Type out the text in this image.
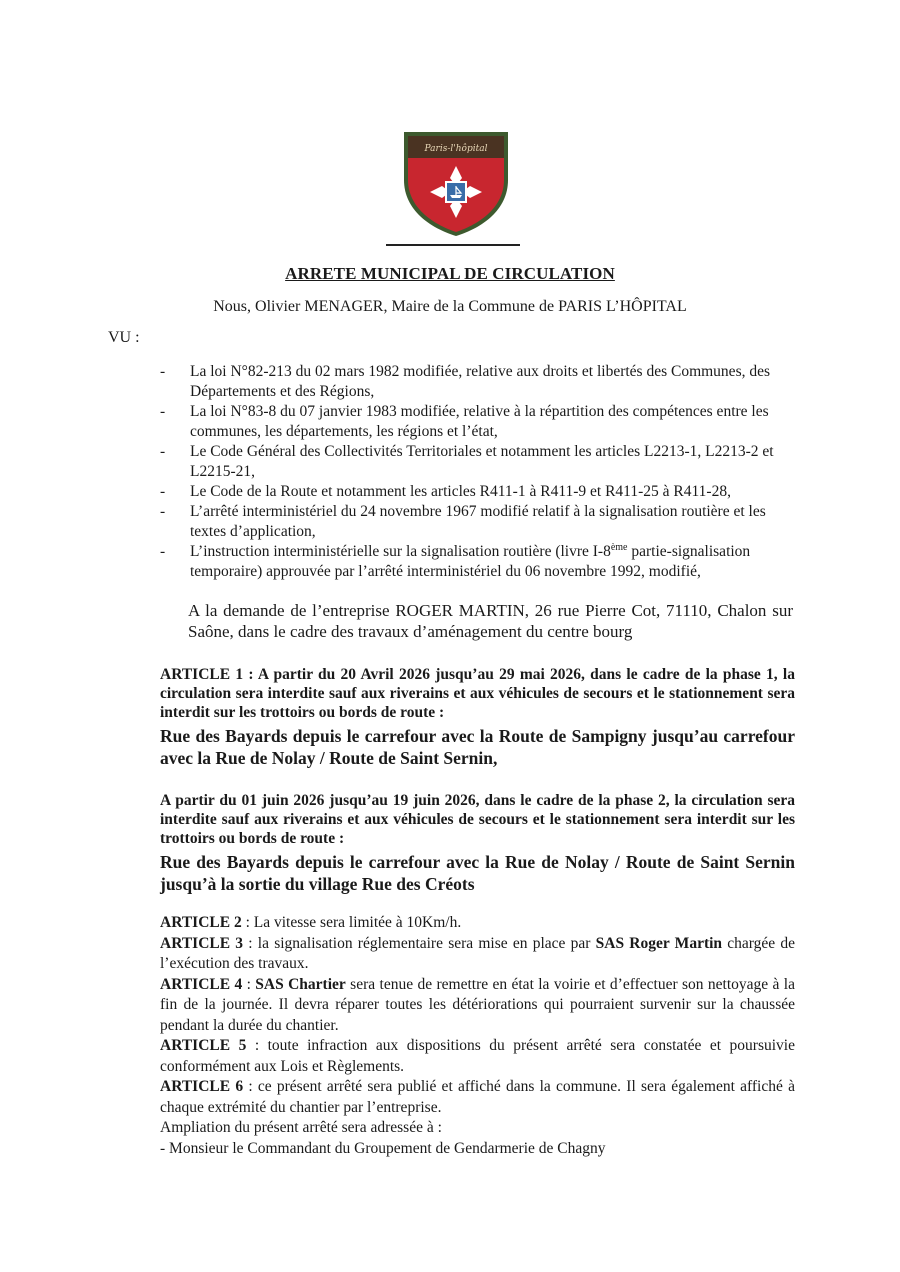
Paris-l'hôpital
ARRETE MUNICIPAL DE CIRCULATION
Nous, Olivier MENAGER, Maire de la Commune de PARIS L’HÔPITAL
VU :
- La loi N°82-213 du 02 mars 1982 modifiée, relative aux droits et libertés des Communes, des Départements et des Régions,
- La loi N°83-8 du 07 janvier 1983 modifiée, relative à la répartition des compétences entre les communes, les départements, les régions et l’état,
- Le Code Général des Collectivités Territoriales et notamment les articles L2213-1, L2213-2 et L2215-21,
- Le Code de la Route et notamment les articles R411-1 à R411-9 et R411-25 à R411-28,
- L’arrêté interministériel du 24 novembre 1967 modifié relatif à la signalisation routière et les textes d’application,
- L’instruction interministérielle sur la signalisation routière (livre I-8ème partie-signalisation temporaire) approuvée par l’arrêté interministériel du 06 novembre 1992, modifié,
A la demande de l’entreprise ROGER MARTIN, 26 rue Pierre Cot, 71110, Chalon sur Saône, dans le cadre des travaux d’aménagement du centre bourg
ARTICLE 1 : A partir du 20 Avril 2026 jusqu’au 29 mai 2026, dans le cadre de la phase 1, la circulation sera interdite sauf aux riverains et aux véhicules de secours et le stationnement sera interdit sur les trottoirs ou bords de route :
Rue des Bayards depuis le carrefour avec la Route de Sampigny jusqu’au carrefour avec la Rue de Nolay / Route de Saint Sernin,
A partir du 01 juin 2026 jusqu’au 19 juin 2026, dans le cadre de la phase 2, la circulation sera interdite sauf aux riverains et aux véhicules de secours et le stationnement sera interdit sur les trottoirs ou bords de route :
Rue des Bayards depuis le carrefour avec la Rue de Nolay / Route de Saint Sernin jusqu’à la sortie du village Rue des Créots

ARTICLE 2 : La vitesse sera limitée à 10Km/h.

ARTICLE 3 : la signalisation réglementaire sera mise en place par SAS Roger Martin chargée de l’exécution des travaux.

ARTICLE 4 : SAS Chartier sera tenue de remettre en état la voirie et d’effectuer son nettoyage à la fin de la journée. Il devra réparer toutes les détériorations qui pourraient survenir sur la chaussée pendant la durée du chantier.

ARTICLE 5 : toute infraction aux dispositions du présent arrêté sera constatée et poursuivie conformément aux Lois et Règlements.

ARTICLE 6 : ce présent arrêté sera publié et affiché dans la commune. Il sera également affiché à chaque extrémité du chantier par l’entreprise.

Ampliation du présent arrêté sera adressée à :

- Monsieur le Commandant du Groupement de Gendarmerie de Chagny
